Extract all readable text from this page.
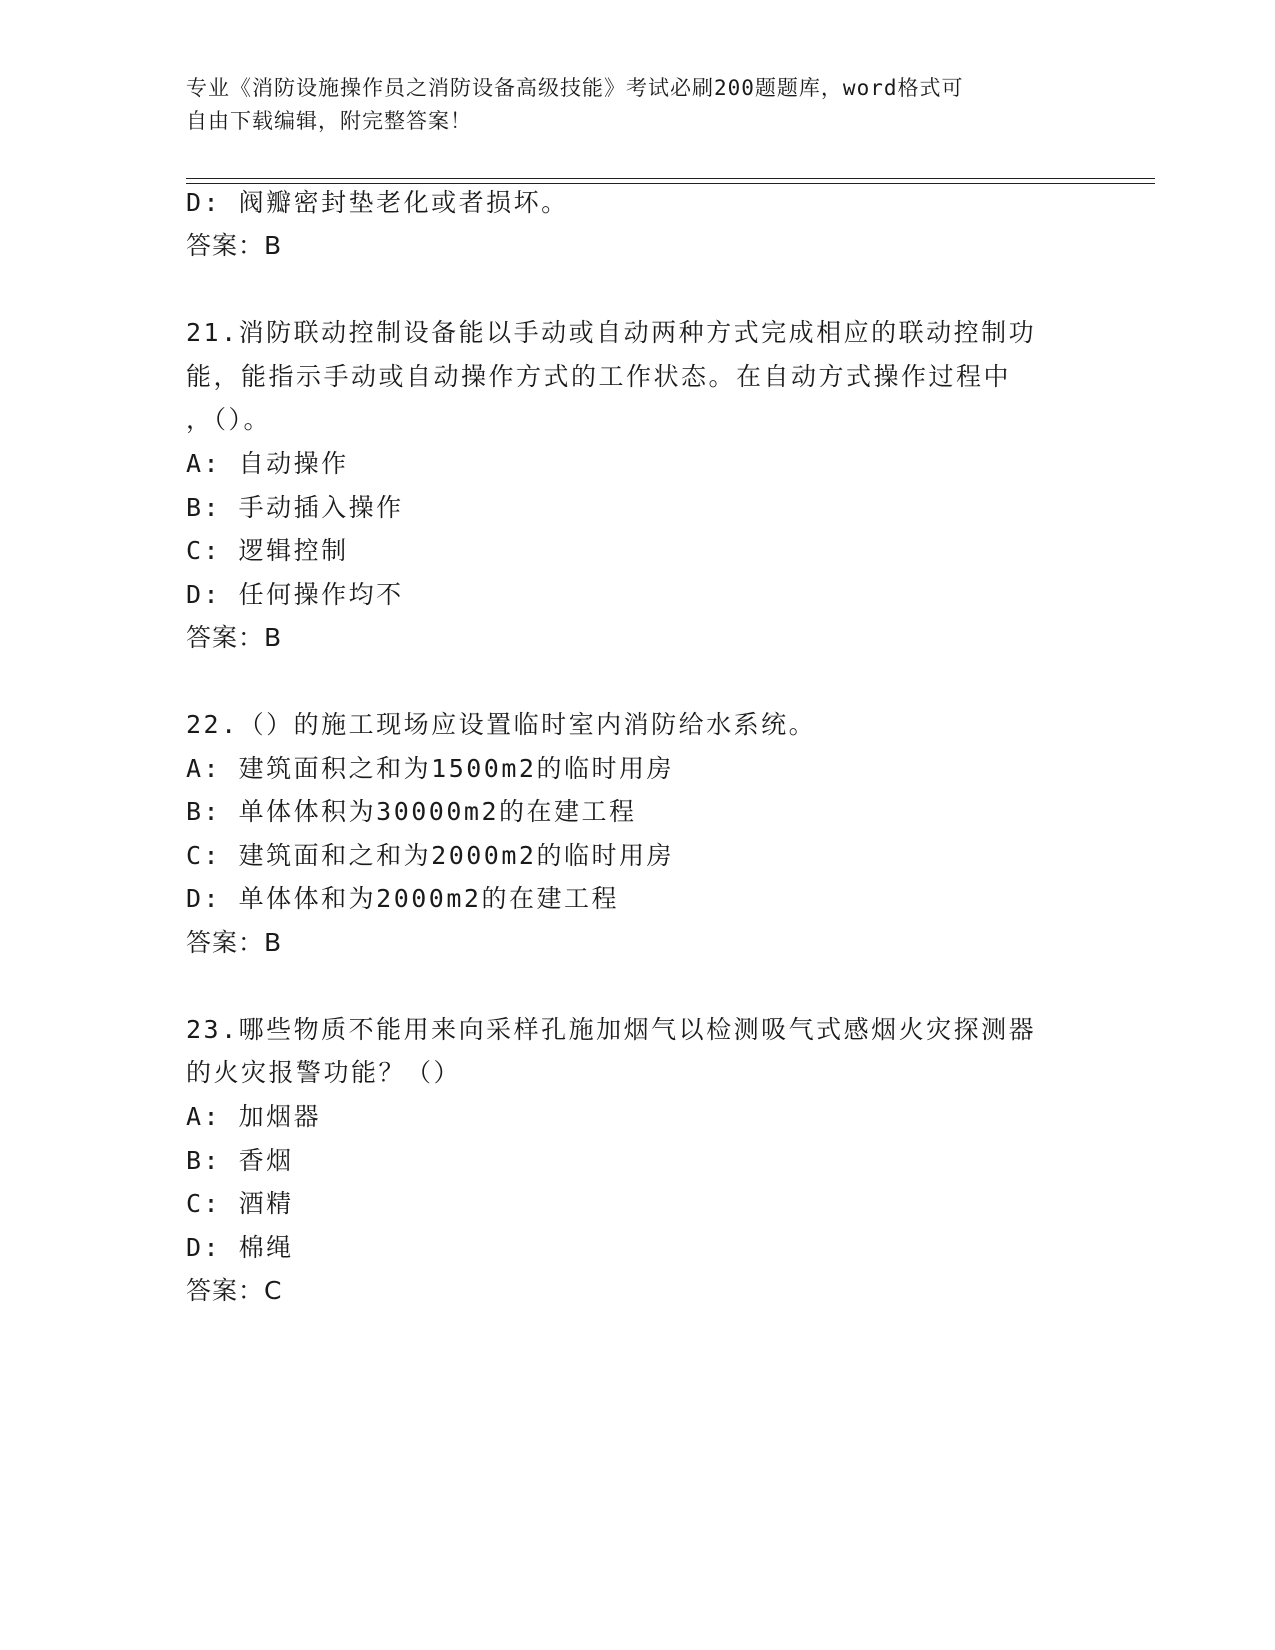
专业《消防设施操作员之消防设备高级技能》考试必刷200题题库，word格式可
自由下载编辑，附完整答案！
D: 阀瓣密封垫老化或者损坏。
答案：B
21.消防联动控制设备能以手动或自动两种方式完成相应的联动控制功
能，能指示手动或自动操作方式的工作状态。在自动方式操作过程中
，（）。
A: 自动操作
B: 手动插入操作
C: 逻辑控制
D: 任何操作均不
答案：B
22.（）的施工现场应设置临时室内消防给水系统。
A: 建筑面积之和为1500m2的临时用房
B: 单体体积为30000m2的在建工程
C: 建筑面和之和为2000m2的临时用房
D: 单体体和为2000m2的在建工程
答案：B
23.哪些物质不能用来向采样孔施加烟气以检测吸气式感烟火灾探测器
的火灾报警功能？（）
A: 加烟器
B: 香烟
C: 酒精
D: 棉绳
答案：C
